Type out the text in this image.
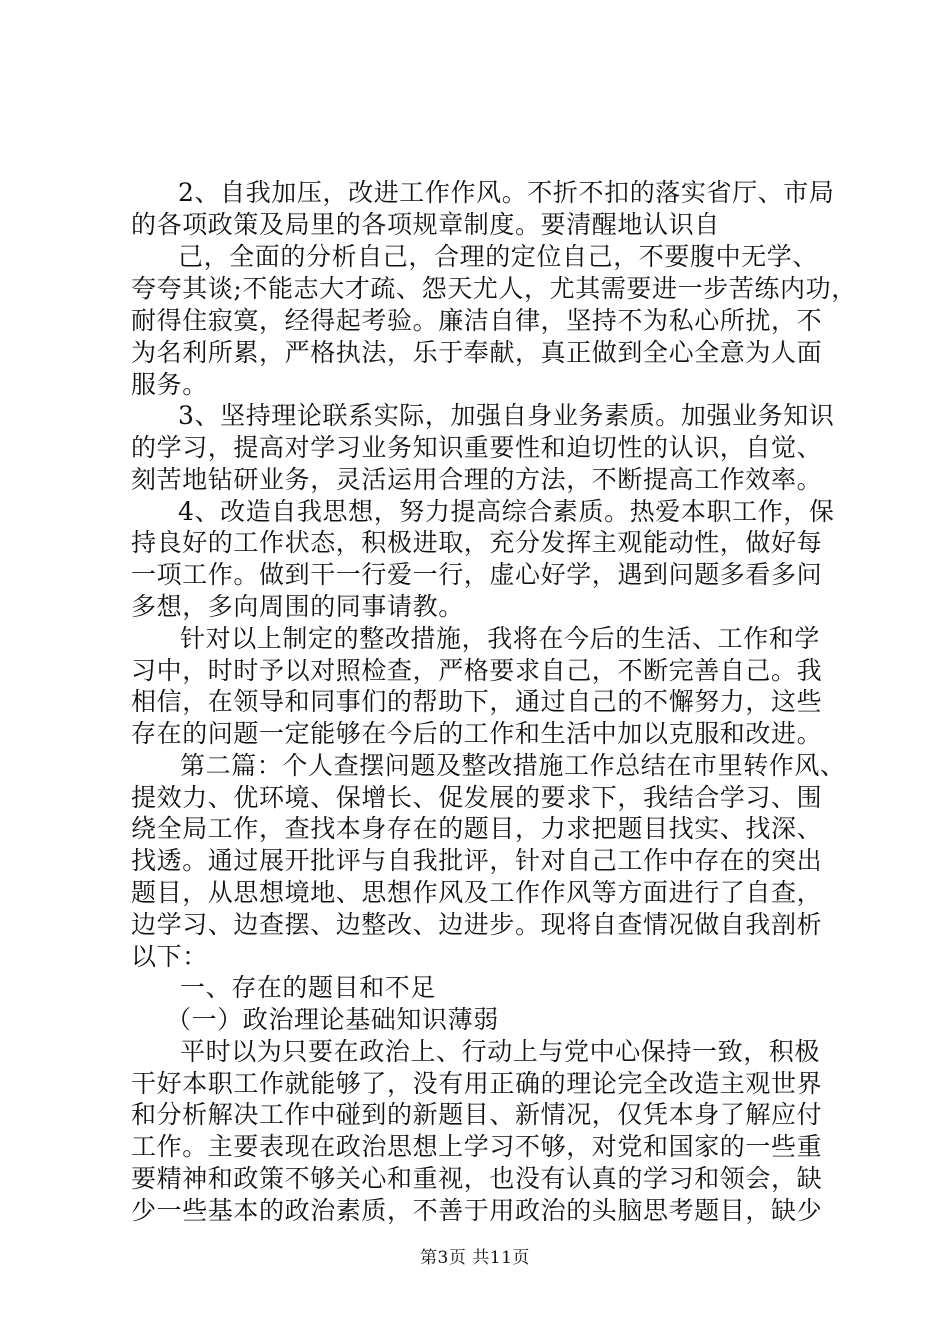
2、自我加压，改进工作作风。不折不扣的落实省厅、市局
的各项政策及局里的各项规章制度。要清醒地认识自
己，全面的分析自己，合理的定位自己，不要腹中无学、
夸夸其谈;不能志大才疏、怨天尤人，尤其需要进一步苦练内功，
耐得住寂寞，经得起考验。廉洁自律，坚持不为私心所扰，不
为名利所累，严格执法，乐于奉献，真正做到全心全意为人面
服务。
3、坚持理论联系实际，加强自身业务素质。加强业务知识
的学习，提高对学习业务知识重要性和迫切性的认识，自觉、
刻苦地钻研业务，灵活运用合理的方法，不断提高工作效率。
4、改造自我思想，努力提高综合素质。热爱本职工作，保
持良好的工作状态，积极进取，充分发挥主观能动性，做好每
一项工作。做到干一行爱一行，虚心好学，遇到问题多看多问
多想，多向周围的同事请教。
针对以上制定的整改措施，我将在今后的生活、工作和学
习中，时时予以对照检查，严格要求自己，不断完善自己。我
相信，在领导和同事们的帮助下，通过自己的不懈努力，这些
存在的问题一定能够在今后的工作和生活中加以克服和改进。
第二篇：个人查摆问题及整改措施工作总结在市里转作风、
提效力、优环境、保增长、促发展的要求下，我结合学习、围
绕全局工作，查找本身存在的题目，力求把题目找实、找深、
找透。通过展开批评与自我批评，针对自己工作中存在的突出
题目，从思想境地、思想作风及工作作风等方面进行了自查，
边学习、边查摆、边整改、边进步。现将自查情况做自我剖析
以下：
一、存在的题目和不足
（一）政治理论基础知识薄弱
平时以为只要在政治上、行动上与党中心保持一致，积极
干好本职工作就能够了，没有用正确的理论完全改造主观世界
和分析解决工作中碰到的新题目、新情况，仅凭本身了解应付
工作。主要表现在政治思想上学习不够，对党和国家的一些重
要精神和政策不够关心和重视，也没有认真的学习和领会，缺
少一些基本的政治素质，不善于用政治的头脑思考题目，缺少
第3页 共11页
